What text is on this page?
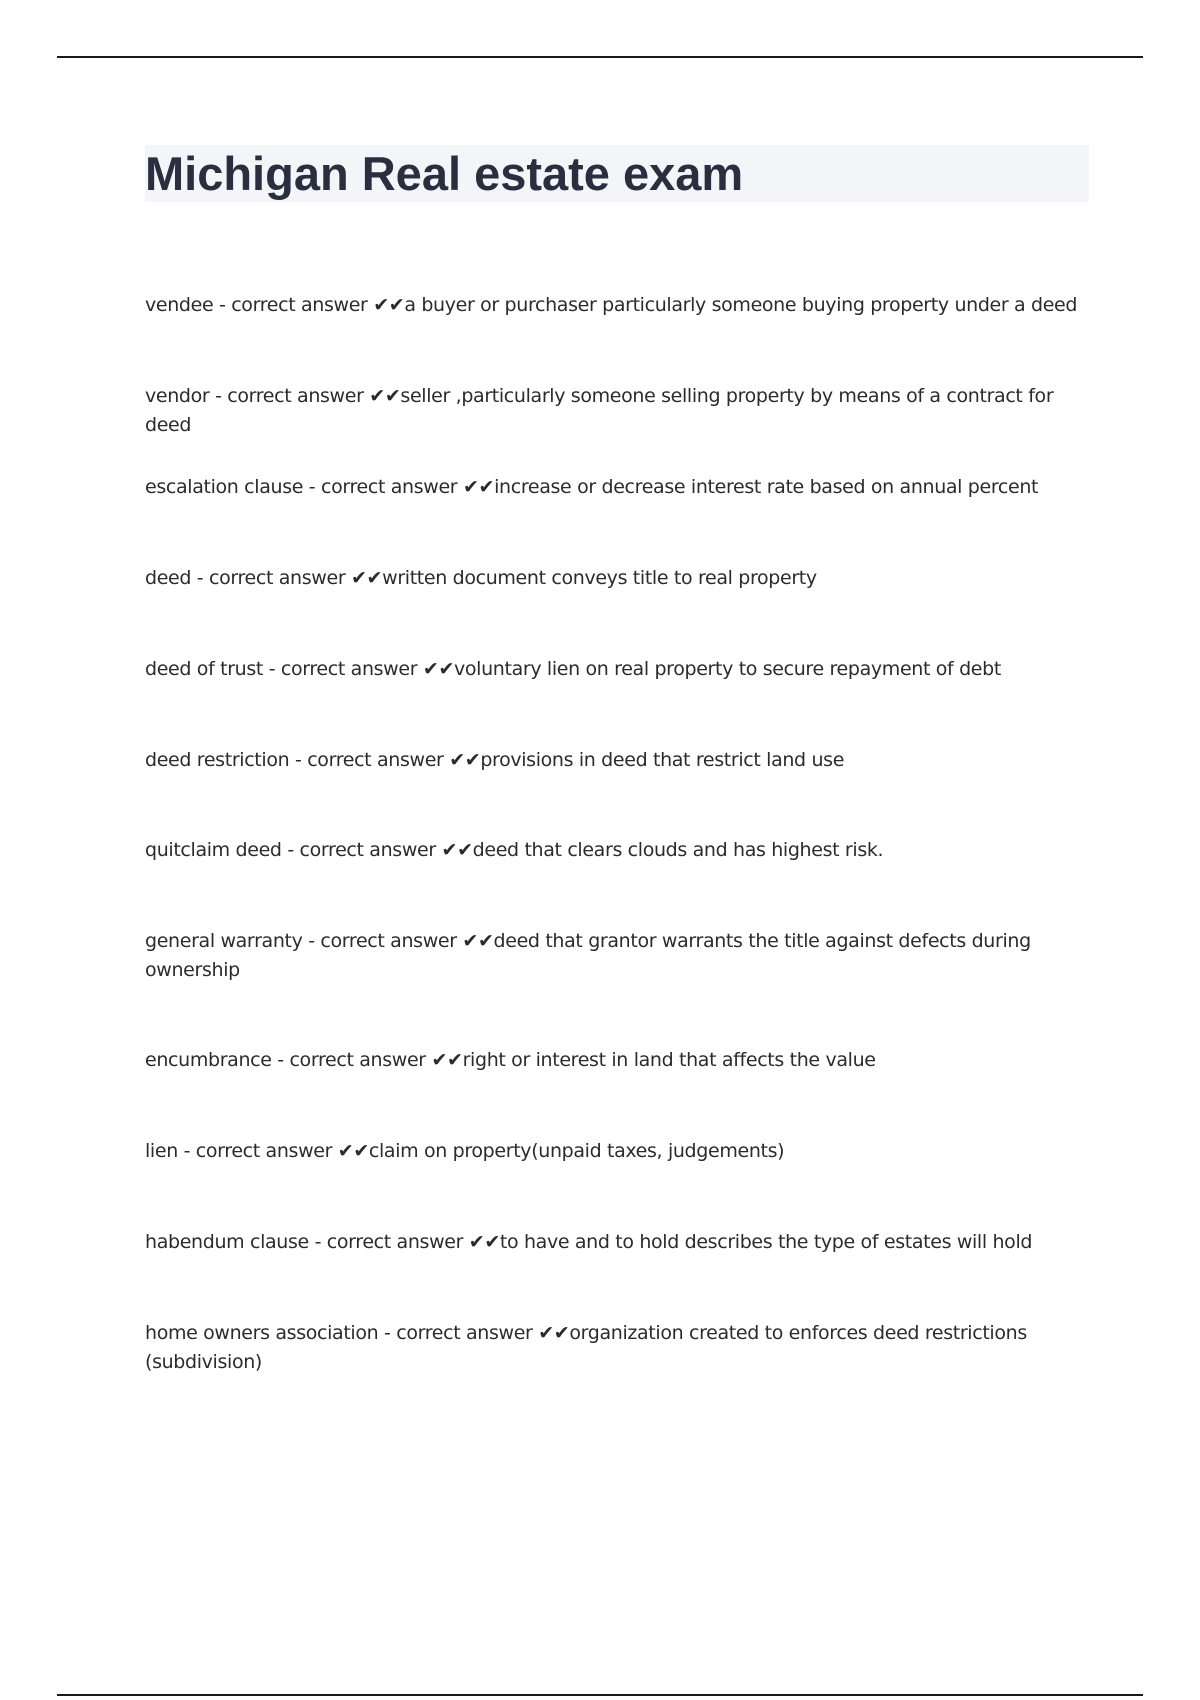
Michigan Real estate exam
vendee - correct answer ✔✔a buyer or purchaser particularly someone buying property under a deed
vendor - correct answer ✔✔seller ,particularly someone selling property by means of a contract for deed
escalation clause - correct answer ✔✔increase or decrease interest rate based on annual percent
deed - correct answer ✔✔written document conveys title to real property
deed of trust - correct answer ✔✔voluntary lien on real property to secure repayment of debt
deed restriction - correct answer ✔✔provisions in deed that restrict land use
quitclaim deed - correct answer ✔✔deed that clears clouds and has highest risk.
general warranty - correct answer ✔✔deed that grantor warrants the title against defects during ownership
encumbrance - correct answer ✔✔right or interest in land that affects the value
lien - correct answer ✔✔claim on property(unpaid taxes, judgements)
habendum clause - correct answer ✔✔to have and to hold describes the type of estates will hold
home owners association - correct answer ✔✔organization created to enforces deed restrictions (subdivision)
